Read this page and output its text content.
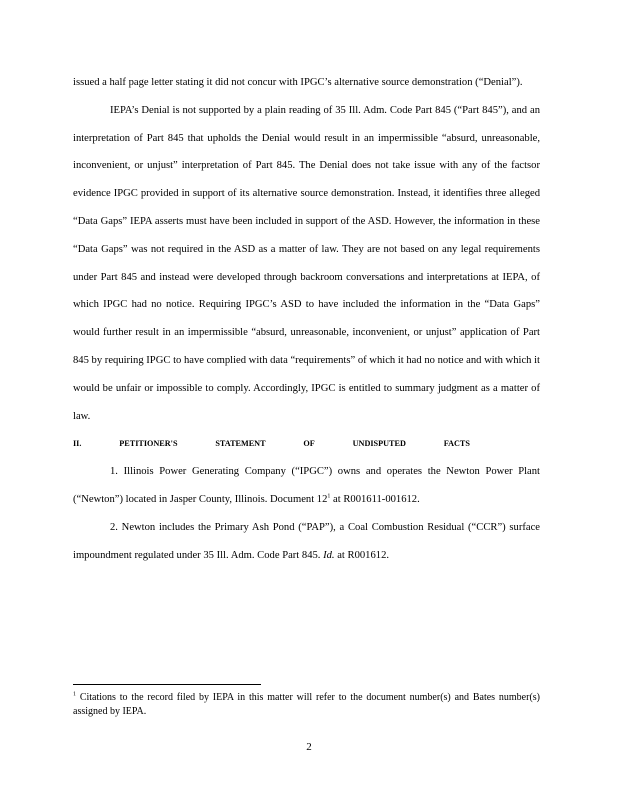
issued a half page letter stating it did not concur with IPGC’s alternative source demonstration (“Denial”).

IEPA’s Denial is not supported by a plain reading of 35 Ill. Adm. Code Part 845 (“Part 845”), and an interpretation of Part 845 that upholds the Denial would result in an impermissible “absurd, unreasonable, inconvenient, or unjust” interpretation of Part 845. The Denial does not take issue with any of the factsor evidence IPGC provided in support of its alternative source demonstration. Instead, it identifies three alleged “Data Gaps” IEPA asserts must have been included in support of the ASD. However, the information in these “Data Gaps” was not required in the ASD as a matter of law. They are not based on any legal requirements under Part 845 and instead were developed through backroom conversations and interpretations at IEPA, of which IPGC had no notice. Requiring IPGC’s ASD to have included the information in the “Data Gaps” would further result in an impermissible “absurd, unreasonable, inconvenient, or unjust” application of Part 845 by requiring IPGC to have complied with data “requirements” of which it had no notice and with which it would be unfair or impossible to comply. Accordingly, IPGC is entitled to summary judgment as a matter of law.

II.	PETITIONER'S	STATEMENT	OF	UNDISPUTED	FACTS

1. Illinois Power Generating Company (“IPGC”) owns and operates the Newton Power Plant (“Newton”) located in Jasper County, Illinois. Document $12^1$ at R001611-001612.

2. Newton includes the Primary Ash Pond (“PAP”), a Coal Combustion Residual (“CCR”) surface impoundment regulated under 35 Ill. Adm. Code Part 845. Id. at R001612.

$^1$ Citations to the record filed by IEPA in this matter will refer to the document number(s) and Bates number(s) assigned by IEPA.
2
